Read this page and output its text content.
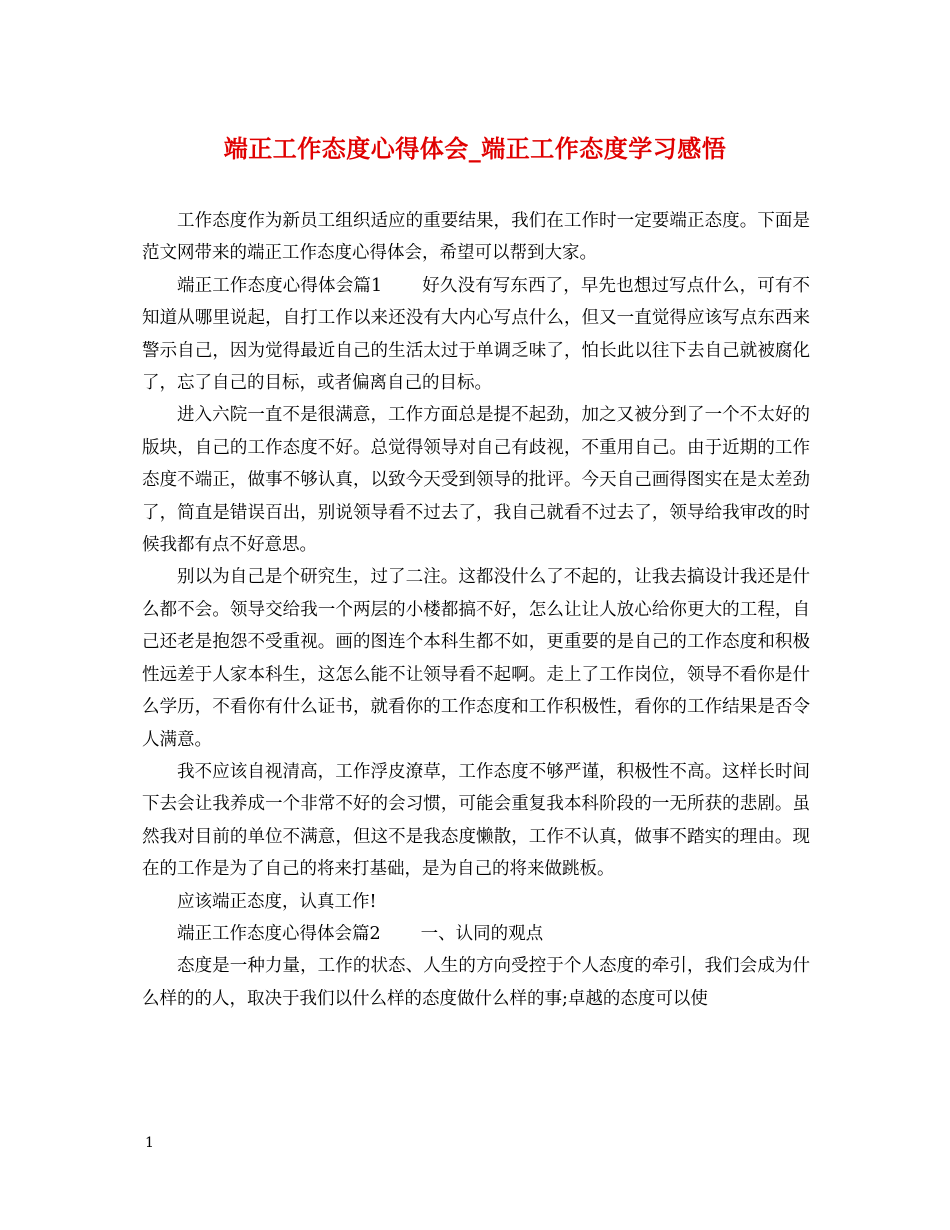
端正工作态度心得体会_端正工作态度学习感悟

工作态度作为新员工组织适应的重要结果，我们在工作时一定要端正态度。下面是范文网带来的端正工作态度心得体会，希望可以帮到大家。

端正工作态度心得体会篇1 好久没有写东西了，早先也想过写点什么，可有不知道从哪里说起，自打工作以来还没有大内心写点什么，但又一直觉得应该写点东西来警示自己，因为觉得最近自己的生活太过于单调乏味了，怕长此以往下去自己就被腐化了，忘了自己的目标，或者偏离自己的目标。

进入六院一直不是很满意，工作方面总是提不起劲，加之又被分到了一个不太好的版块，自己的工作态度不好。总觉得领导对自己有歧视，不重用自己。由于近期的工作态度不端正，做事不够认真，以致今天受到领导的批评。今天自己画得图实在是太差劲了，简直是错误百出，别说领导看不过去了，我自己就看不过去了，领导给我审改的时候我都有点不好意思。

别以为自己是个研究生，过了二注。这都没什么了不起的，让我去搞设计我还是什么都不会。领导交给我一个两层的小楼都搞不好，怎么让让人放心给你更大的工程，自己还老是抱怨不受重视。画的图连个本科生都不如，更重要的是自己的工作态度和积极性远差于人家本科生，这怎么能不让领导看不起啊。走上了工作岗位，领导不看你是什么学历，不看你有什么证书，就看你的工作态度和工作积极性，看你的工作结果是否令人满意。

我不应该自视清高，工作浮皮潦草，工作态度不够严谨，积极性不高。这样长时间下去会让我养成一个非常不好的会习惯，可能会重复我本科阶段的一无所获的悲剧。虽然我对目前的单位不满意，但这不是我态度懒散，工作不认真，做事不踏实的理由。现在的工作是为了自己的将来打基础，是为自己的将来做跳板。

应该端正态度，认真工作!

端正工作态度心得体会篇2 一、认同的观点

态度是一种力量，工作的状态、人生的方向受控于个人态度的牵引，我们会成为什么样的的人，取决于我们以什么样的态度做什么样的事;卓越的态度可以使

1
